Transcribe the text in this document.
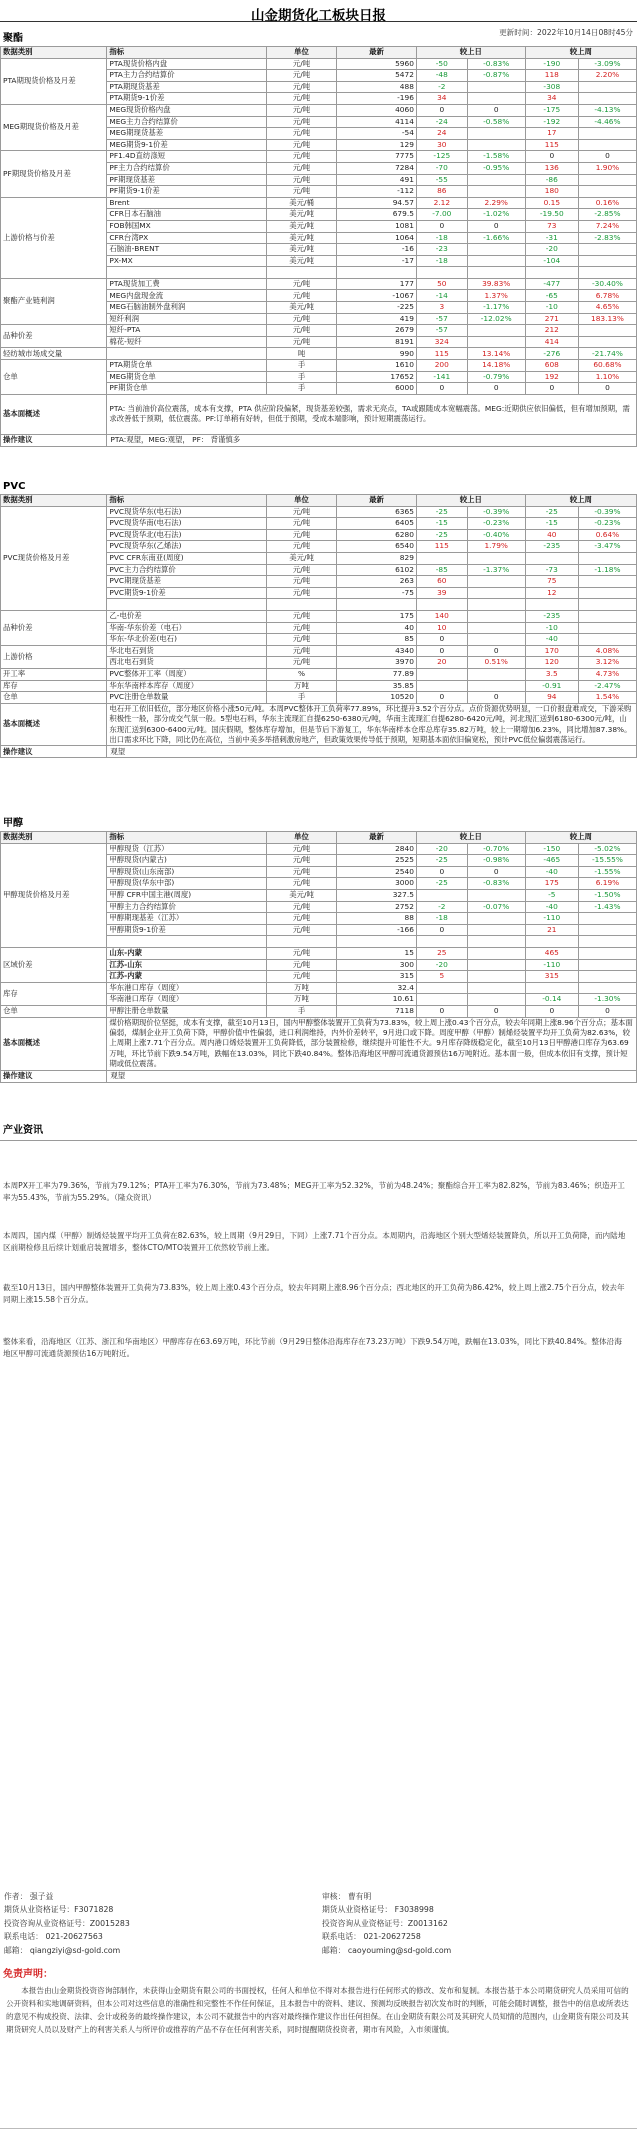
山金期货化工板块日报
更新时间：2022年10月14日08时45分
聚酯
数据类别	指标	单位	最新	较上日		较上周	
PTA期现货价格及月差	PTA现货价格内盘	元/吨	5960	-50	-0.83%	-190	-3.09%
	PTA主力合约结算价	元/吨	5472	-48	-0.87%	118	2.20%
	PTA期现货基差	元/吨	488	-2		-308	
	PTA期货9-1价差	元/吨	-196	34		34	
MEG期现货价格及月差	MEG现货价格内盘	元/吨	4060	0	0	-175	-4.13%
	MEG主力合约结算价	元/吨	4114	-24	-0.58%	-192	-4.46%
	MEG期现货基差	元/吨	-54	24		17	
	MEG期货9-1价差	元/吨	129	30		115	
PF期现货价格及月差	PF1.4D直纺涤短	元/吨	7775	-125	-1.58%	0	0
	PF主力合约结算价	元/吨	7284	-70	-0.95%	136	1.90%
	PF期现货基差	元/吨	491	-55		-86	
	PF期货9-1价差	元/吨	-112	86		180	
上游价格与价差	Brent	美元/桶	94.57	2.12	2.29%	0.15	0.16%
	CFR日本石脑油	美元/吨	679.5	-7.00	-1.02%	-19.50	-2.85%
	FOB韩国MX	美元/吨	1081	0	0	73	7.24%
	CFR台湾PX	美元/吨	1064	-18	-1.66%	-31	-2.83%
	石脑油-BRENT	美元/吨	-16	-23		-20	
	PX-MX	美元/吨	-17	-18		-104	

聚酯产业链利润	PTA现货加工费	元/吨	177	50	39.83%	-477	-30.40%
	MEG内盘现金流	元/吨	-1067	-14	1.37%	-65	6.78%
	MEG石脑油制外盘利润	美元/吨	-225	3	-1.17%	-10	4.65%
	短纤利润	元/吨	419	-57	-12.02%	271	183.13%
品种价差	短纤-PTA	元/吨	2679	-57		212	
	棉花-短纤	元/吨	8191	324		414	
轻纺城市场成交量		吨	990	115	13.14%	-276	-21.74%
仓单	PTA期货仓单	手	1610	200	14.18%	608	60.68%
	MEG期货仓单	手	17652	-141	-0.79%	192	1.10%
	PF期货仓单	手	6000	0	0	0	0
基本面概述	PTA: 当前油价高位震荡，成本有支撑，PTA 供应阶段偏紧，现货基差较强，需求无亮点，TA或跟随成本宽幅震荡。MEG:近期供应依旧偏低，但有增加预期，需求改善低于预期，低位震荡。PF:订单稍有好转，但低于预期，受成本端影响，预计短期震荡运行。						
操作建议	PTA:观望，MEG:观望， PF： 背谨慎多						
PVC
数据类别	指标	单位	最新	较上日		较上周	
PVC现货价格及月差	PVC现货华东(电石法)	元/吨	6365	-25	-0.39%	-25	-0.39%
	PVC现货华南(电石法)	元/吨	6405	-15	-0.23%	-15	-0.23%
	PVC现货华北(电石法)	元/吨	6280	-25	-0.40%	40	0.64%
	PVC现货华东(乙烯法)	元/吨	6540	115	1.79%	-235	-3.47%
	PVC CFR东南亚(周度)	美元/吨	829				
	PVC主力合约结算价	元/吨	6102	-85	-1.37%	-73	-1.18%
	PVC期现货基差	元/吨	263	60		75	
	PVC期货9-1价差	元/吨	-75	39		12	

品种价差	乙-电价差	元/吨	175	140		-235	
	华南-华东价差（电石）	元/吨	40	10		-10	
	华东-华北价差(电石)	元/吨	85	0		-40	
上游价格	华北电石到货	元/吨	4340	0	0	170	4.08%
	西北电石到货	元/吨	3970	20	0.51%	120	3.12%
开工率	PVC整体开工率（周度）	%	77.89			3.5	4.73%
库存	华东华南样本库存（周度）	万吨	35.85			-0.91	-2.47%
仓单	PVC注册仓单数量	手	10520	0	0	94	1.54%
基本面概述	电石开工依旧低位，部分地区价格小涨50元/吨。本周PVC整体开工负荷率77.89%，环比提升3.52个百分点。点价货源优势明显，一口价报盘难成交，下游采购积极性一般，部分成交气氛一般。5型电石料，华东主流现汇自提6250-6380元/吨，华南主流现汇自提6280-6420元/吨，河北现汇送到6180-6300元/吨，山东现汇送到6300-6400元/吨。国庆假期，整体库存增加，但是节后下游复工，华东华南样本仓库总库存35.82万吨，较上一期增加6.23%，同比增加87.38%。出口需求环比下降，同比仍在高位，当前中美多举措刺激房地产，但政策效果传导低于预期，短期基本面依旧偏宽松，预计PVC低位偏弱震荡运行。						
操作建议	观望						
甲醇
数据类别	指标	单位	最新	较上日		较上周	
甲醇现货价格及月差	甲醇现货（江苏）	元/吨	2840	-20	-0.70%	-150	-5.02%
	甲醇现货(内蒙古)	元/吨	2525	-25	-0.98%	-465	-15.55%
	甲醇现货(山东南部)	元/吨	2540	0	0	-40	-1.55%
	甲醇现货(华东中部)	元/吨	3000	-25	-0.83%	175	6.19%
	甲醇 CFR中国主港(周度)	美元/吨	327.5			-5	-1.50%
	甲醇主力合约结算价	元/吨	2752	-2	-0.07%	-40	-1.43%
	甲醇期现基差（江苏）	元/吨	88	-18		-110	
	甲醇期货9-1价差	元/吨	-166	0		21	

区域价差	山东-内蒙	元/吨	15	25		465	
	江苏-山东	元/吨	300	-20		-110	
	江苏-内蒙	元/吨	315	5		315	
库存	华东港口库存（周度）	万吨	32.4				
	华南港口库存（周度）	万吨	10.61			-0.14	-1.30%
仓单	甲醇注册仓单数量	手	7118	0	0	0	0
基本面概述	煤价格期现价位坚挺，成本有支撑，截至10月13日，国内甲醇整体装置开工负荷为73.83%，较上周上涨0.43个百分点，较去年同期上涨8.96个百分点；基本面偏弱，煤制企业开工负荷下降，甲醇价值中性偏弱，进口利润维持，内外价差转平，9月进口或下降。周度甲醇（甲醇）制烯烃装置平均开工负荷为82.63%，较上周期上涨7.71个百分点。周内港口烯烃装置开工负荷降低，部分装置检修，继续提升可能性不大。9月库存降级稳定化，截至10月13日甲醇港口库存为63.69万吨，环比节前下跌9.54万吨，跌幅在13.03%，同比下跌40.84%。整体沿海地区甲醇可流通货源预估16万吨附近。基本面一般，但成本依旧有支撑，预计短期或低位震荡。						
操作建议	观望						
产业资讯

本周PX开工率为79.36%，节前为79.12%；PTA开工率为76.30%，节前为73.48%；MEG开工率为52.32%，节前为48.24%；聚酯综合开工率为82.82%，节前为83.46%；织造开工率为55.43%，节前为55.29%。（隆众资讯）

本周四，国内煤（甲醇）制烯烃装置平均开工负荷在82.63%，较上周期（9月29日，下同）上涨7.71个百分点。本周期内，沿海地区个别大型烯烃装置降负，所以开工负荷降，而内陆地区前期检修且后续计划重启装置增多，整体CTO/MTO装置开工依然较节前上涨。

截至10月13日，国内甲醇整体装置开工负荷为73.83%，较上周上涨0.43个百分点，较去年同期上涨8.96个百分点；西北地区的开工负荷为86.42%，较上周上涨2.75个百分点，较去年同期上涨15.58个百分点。

整体来看，沿海地区（江苏、浙江和华南地区）甲醇库存在63.69万吨，环比节前（9月29日整体沿海库存在73.23万吨）下跌9.54万吨，跌幅在13.03%，同比下跌40.84%。整体沿海地区甲醇可流通货源预估16万吨附近。

作者： 强子益
期货从业资格证号：F3071828
投资咨询从业资格证号：Z0015283
联系电话： 021-20627563
邮箱： qiangziyi@sd-gold.com
审核： 曹有明
期货从业资格证号： F3038998
投资咨询从业资格证号：Z0013162
联系电话： 021-20627258
邮箱： caoyouming@sd-gold.com
免责声明：

本报告由山金期货投资咨询部制作，未获得山金期货有限公司的书面授权，任何人和单位不得对本报告进行任何形式的修改、发布和复制。本报告基于本公司期货研究人员采用可信的公开资料和实地调研资料，但本公司对这些信息的准确性和完整性不作任何保证，且本报告中的资料、建议、预测均反映报告初次发布时的判断，可能会随时调整，报告中的信息或所表达的意见不构成投资、法律、会计或税务的最终操作建议，本公司不就报告中的内容对最终操作建议作出任何担保。在山金期货有限公司及其研究人员知情的范围内，山金期货有限公司及其期货研究人员以及财产上的利害关系人与所评价或推荐的产品不存在任何利害关系，同时提醒期货投资者，期市有风险，入市须谨慎。
